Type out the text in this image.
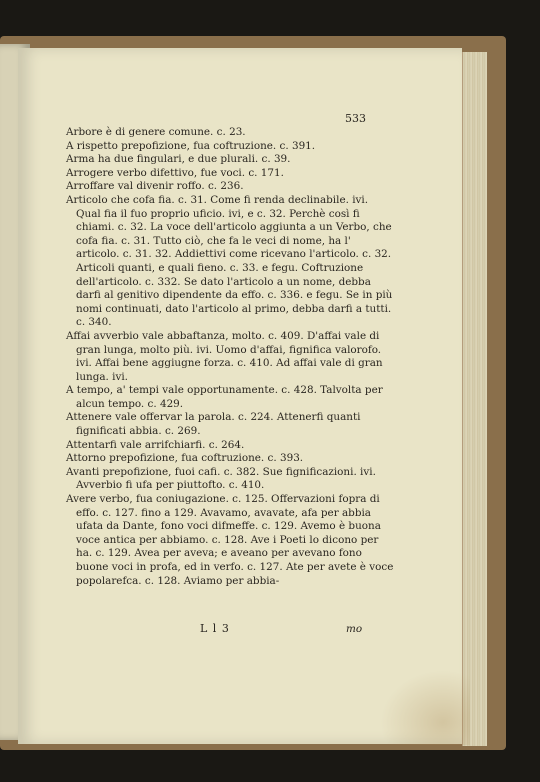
533

Arbore è di genere comune. c. 23.

A rispetto prepofizione, fua coftruzione. c. 391.

Arma ha due fingulari, e due plurali. c. 39.

Arrogere verbo difettivo, fue voci. c. 171.

Arroffare val divenir roffo. c. 236.

Articolo che cofa fia. c. 31. Come fi renda declinabile. ivi. Qual fia il fuo proprio uficio. ivi, e c. 32. Perchè così fi chiami. c. 32. La voce dell'articolo aggiunta a un Verbo, che cofa fia. c. 31. Tutto ciò, che fa le veci di nome, ha l' articolo. c. 31. 32. Addiettivi come ricevano l'articolo. c. 32. Articoli quanti, e quali fieno. c. 33. e fegu. Coftruzione dell'articolo. c. 332. Se dato l'articolo a un nome, debba darfi al genitivo dipendente da effo. c. 336. e fegu. Se in più nomi continuati, dato l'articolo al primo, debba darfi a tutti. c. 340.

Affai avverbio vale abbaftanza, molto. c. 409. D'affai vale di gran lunga, molto più. ivi. Uomo d'affai, fignifica valorofo. ivi. Affai bene aggiugne forza. c. 410. Ad affai vale di gran lunga. ivi.

A tempo, a' tempi vale opportunamente. c. 428. Talvolta per alcun tempo. c. 429.

Attenere vale offervar la parola. c. 224. Attenerfi quanti fignificati abbia. c. 269.

Attentarfi vale arrifchiarfi. c. 264.

Attorno prepofizione, fua coftruzione. c. 393.

Avanti prepofizione, fuoi cafi. c. 382. Sue fignificazioni. ivi. Avverbio fi ufa per piuttofto. c. 410.

Avere verbo, fua coniugazione. c. 125. Offervazioni fopra di effo. c. 127. fino a 129. Avavamo, avavate, afa per abbia ufata da Dante, fono voci difmeffe. c. 129. Avemo è buona voce antica per abbiamo. c. 128. Ave i Poeti lo dicono per ha. c. 129. Avea per aveva; e aveano per avevano fono buone voci in profa, ed in verfo. c. 127. Ate per avete è voce popolarefca. c. 128. Aviamo per abbia-

L l 3	mo
